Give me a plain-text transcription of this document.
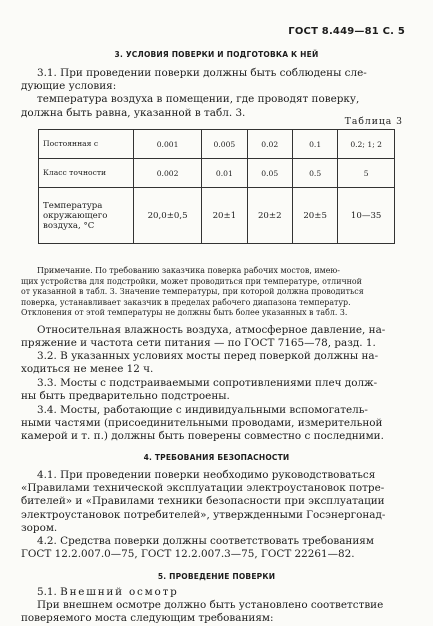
ГОСТ 8.449—81 С. 5
3. УСЛОВИЯ ПОВЕРКИ И ПОДГОТОВКА К НЕЙ
3.1. При проведении поверки должны быть соблюдены сле-
дующие условия:
температура воздуха в помещении, где проводят поверку,
должна быть равна, указанной в табл. 3.
Таблица 3
Постоянная с	0.001	0.005	0.02	0.1	0.2; 1; 2
Класс точности	0.002	0.01	0.05	0.5	5

Температура
окружающего
воздуха, °С	20,0±0,5	20±1	20±2	20±5	10—35
Примечание. По требованию заказчика поверка рабочих мостов, имею-
щих устройства для подстройки, может проводиться при температуре, отличной
от указанной в табл. 3. Значение температуры, при которой должна проводиться
поверка, устанавливает заказчик в пределах рабочего диапазона температур.
Отклонения от этой температуры не должны быть более указанных в табл. 3.
Относительная влажность воздуха, атмосферное давление, на-
пряжение и частота сети питания — по ГОСТ 7165—78, разд. 1.
3.2. В указанных условиях мосты перед поверкой должны на-
ходиться не менее 12 ч.
3.3. Мосты с подстраиваемыми сопротивлениями плеч долж-
ны быть предварительно подстроены.
3.4. Мосты, работающие с индивидуальными вспомогатель-
ными частями (присоединительными проводами, измерительной
камерой и т. п.) должны быть поверены совместно с последними.
4. ТРЕБОВАНИЯ БЕЗОПАСНОСТИ
4.1. При проведении поверки необходимо руководствоваться
«Правилами технической эксплуатации электроустановок потре-
бителей» и «Правилами техники безопасности при эксплуатации
электроустановок потребителей», утвержденными Госэнергонад-
зором.
4.2. Средства поверки должны соответствовать требованиям
ГОСТ 12.2.007.0—75, ГОСТ 12.2.007.3—75, ГОСТ 22261—82.
5. ПРОВЕДЕНИЕ ПОВЕРКИ
5.1. Внешний осмотр
При внешнем осмотре должно быть установлено соответствие
поверяемого моста следующим требованиям:
